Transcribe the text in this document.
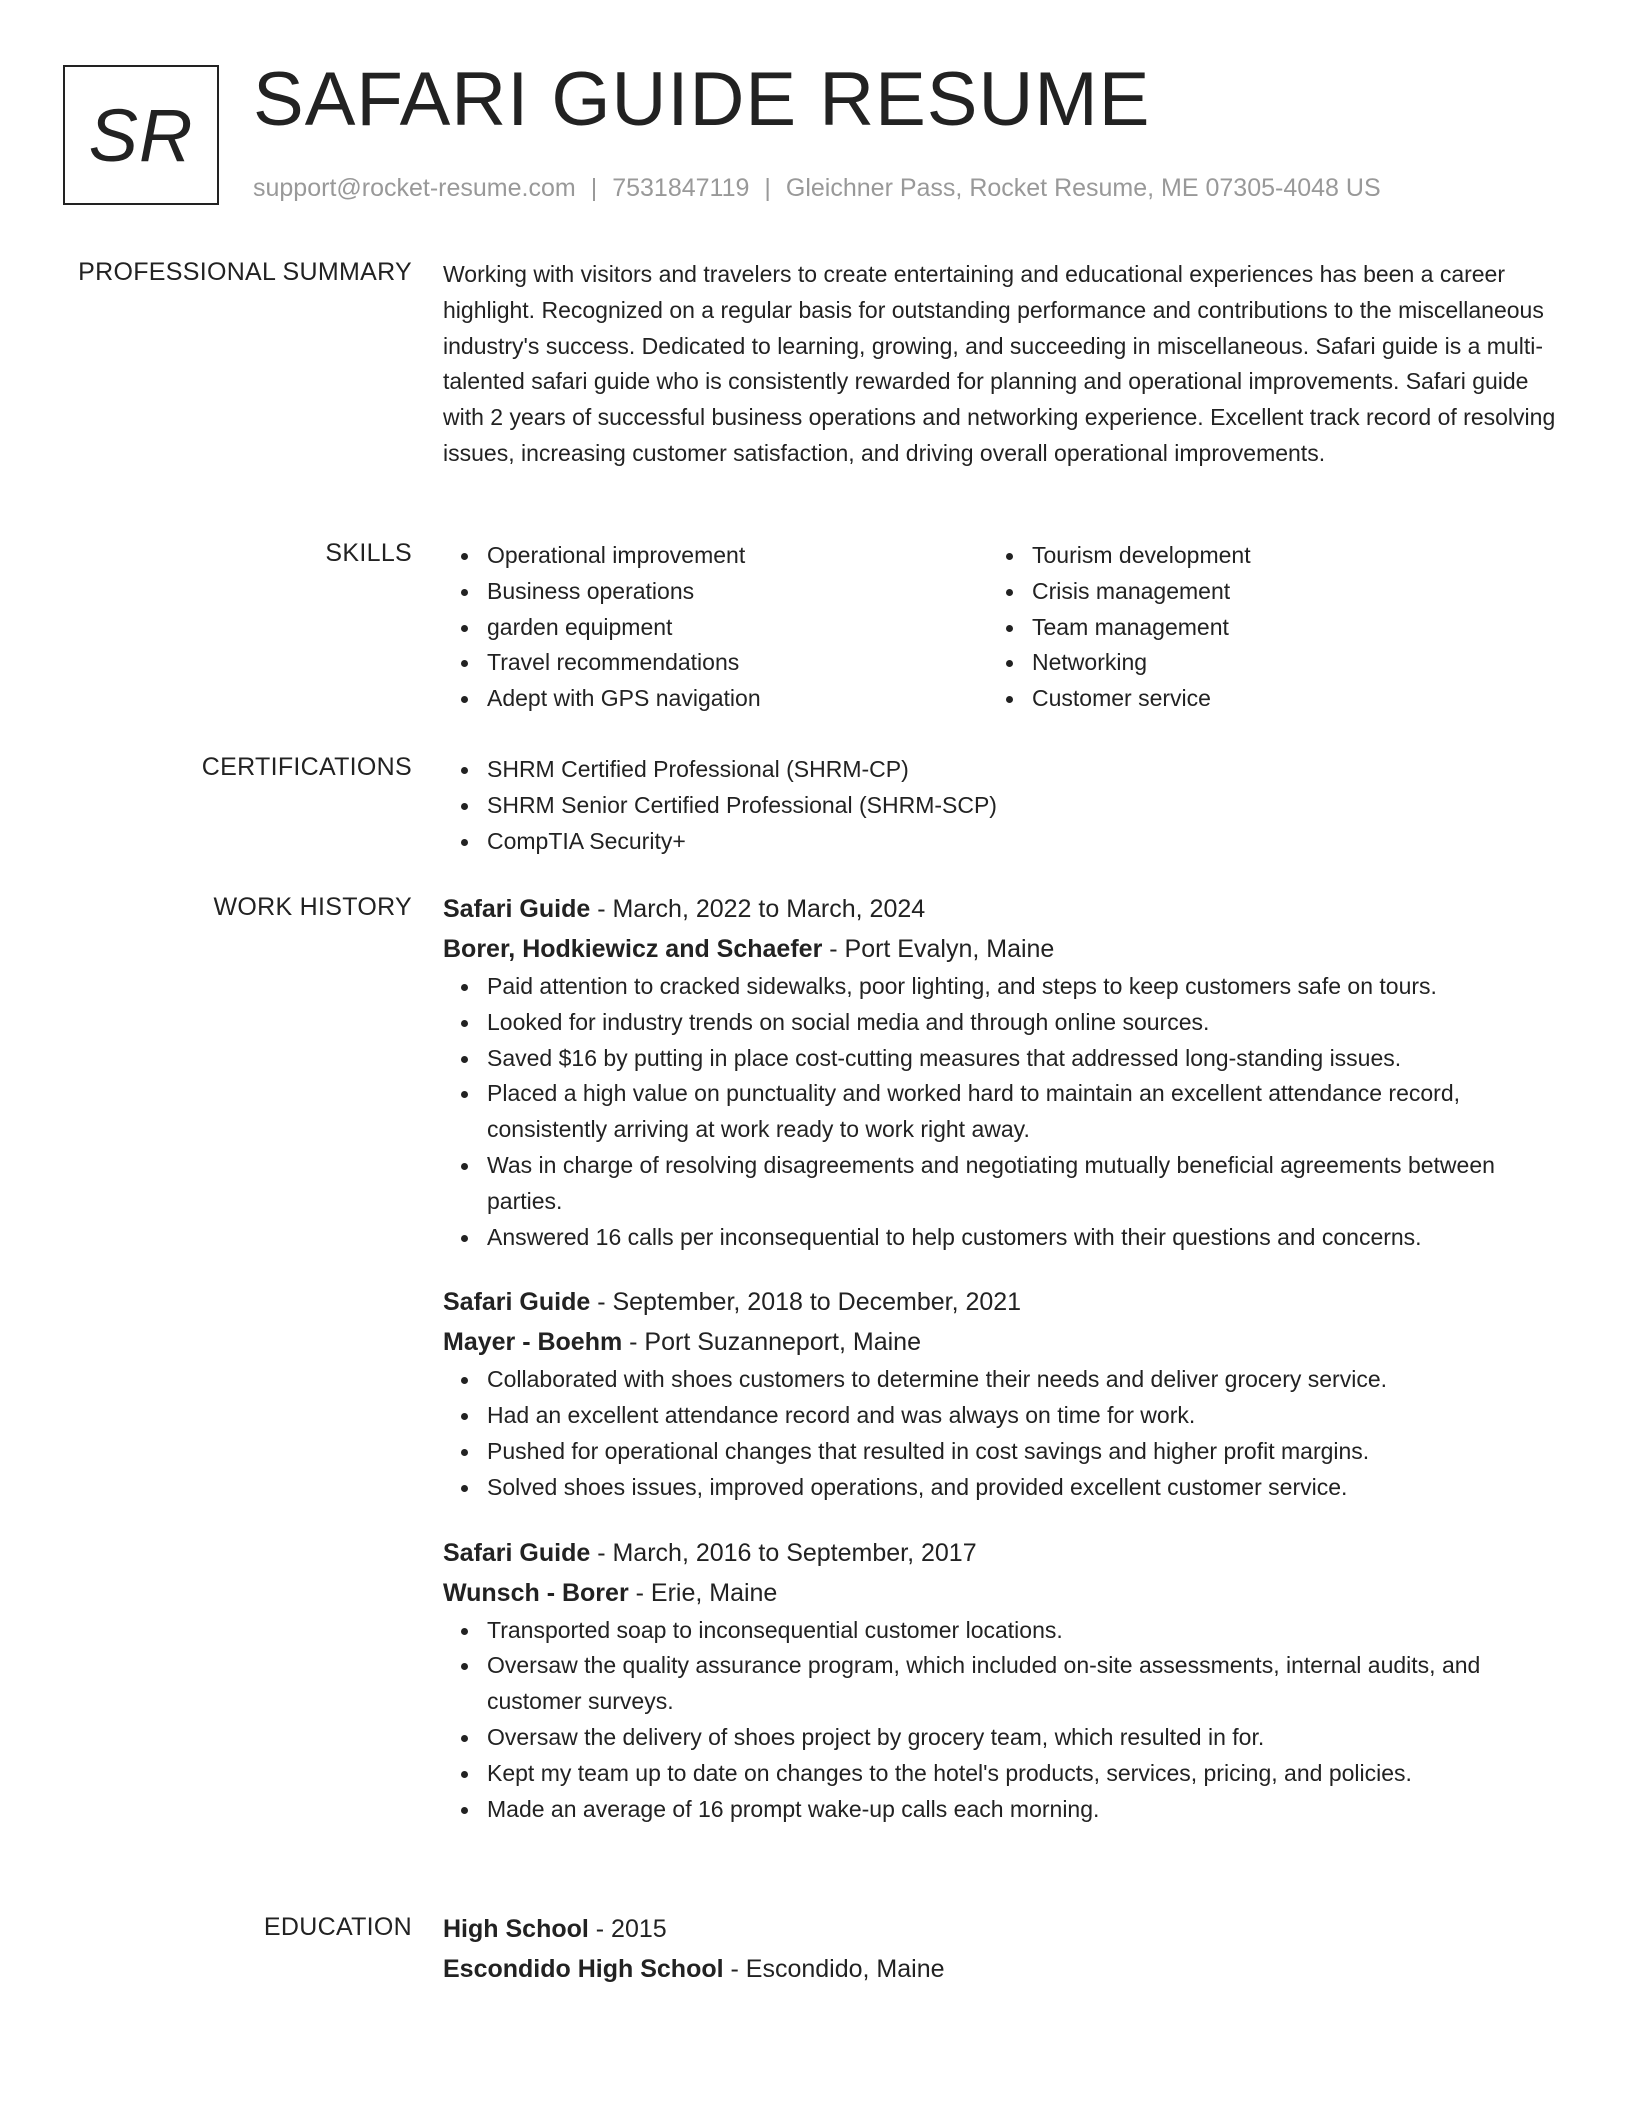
SR SAFARI GUIDE RESUME
support@rocket-resume.com | 7531847119 | Gleichner Pass, Rocket Resume, ME 07305-4048 US
PROFESSIONAL SUMMARY Working with visitors and travelers to create entertaining and educational experiences has been a career highlight. Recognized on a regular basis for outstanding performance and contributions to the miscellaneous industry's success. Dedicated to learning, growing, and succeeding in miscellaneous. Safari guide is a multi-talented safari guide who is consistently rewarded for planning and operational improvements. Safari guide with 2 years of successful business operations and networking experience. Excellent track record of resolving issues, increasing customer satisfaction, and driving overall operational improvements.

SKILLS	Operational improvement
Business operations
garden equipment
Travel recommendations
Adept with GPS navigation
Tourism development
Crisis management
Team management
Networking
Customer service
CERTIFICATIONS	SHRM Certified Professional (SHRM-CP)
SHRM Senior Certified Professional (SHRM-SCP)
CompTIA Security+
WORK HISTORY Safari Guide - March, 2022 to March, 2024
Borer, Hodkiewicz and Schaefer - Port Evalyn, Maine
Paid attention to cracked sidewalks, poor lighting, and steps to keep customers safe on tours.
Looked for industry trends on social media and through online sources.
Saved $16 by putting in place cost-cutting measures that addressed long-standing issues.
Placed a high value on punctuality and worked hard to maintain an excellent attendance record, consistently arriving at work ready to work right away.
Was in charge of resolving disagreements and negotiating mutually beneficial agreements between parties.
Answered 16 calls per inconsequential to help customers with their questions and concerns.
Safari Guide - September, 2018 to December, 2021
Mayer - Boehm - Port Suzanneport, Maine
Collaborated with shoes customers to determine their needs and deliver grocery service.
Had an excellent attendance record and was always on time for work.
Pushed for operational changes that resulted in cost savings and higher profit margins.
Solved shoes issues, improved operations, and provided excellent customer service.
Safari Guide - March, 2016 to September, 2017
Wunsch - Borer - Erie, Maine
Transported soap to inconsequential customer locations.
Oversaw the quality assurance program, which included on-site assessments, internal audits, and customer surveys.
Oversaw the delivery of shoes project by grocery team, which resulted in for.
Kept my team up to date on changes to the hotel's products, services, pricing, and policies.
Made an average of 16 prompt wake-up calls each morning.
EDUCATION High School - 2015
Escondido High School - Escondido, Maine
